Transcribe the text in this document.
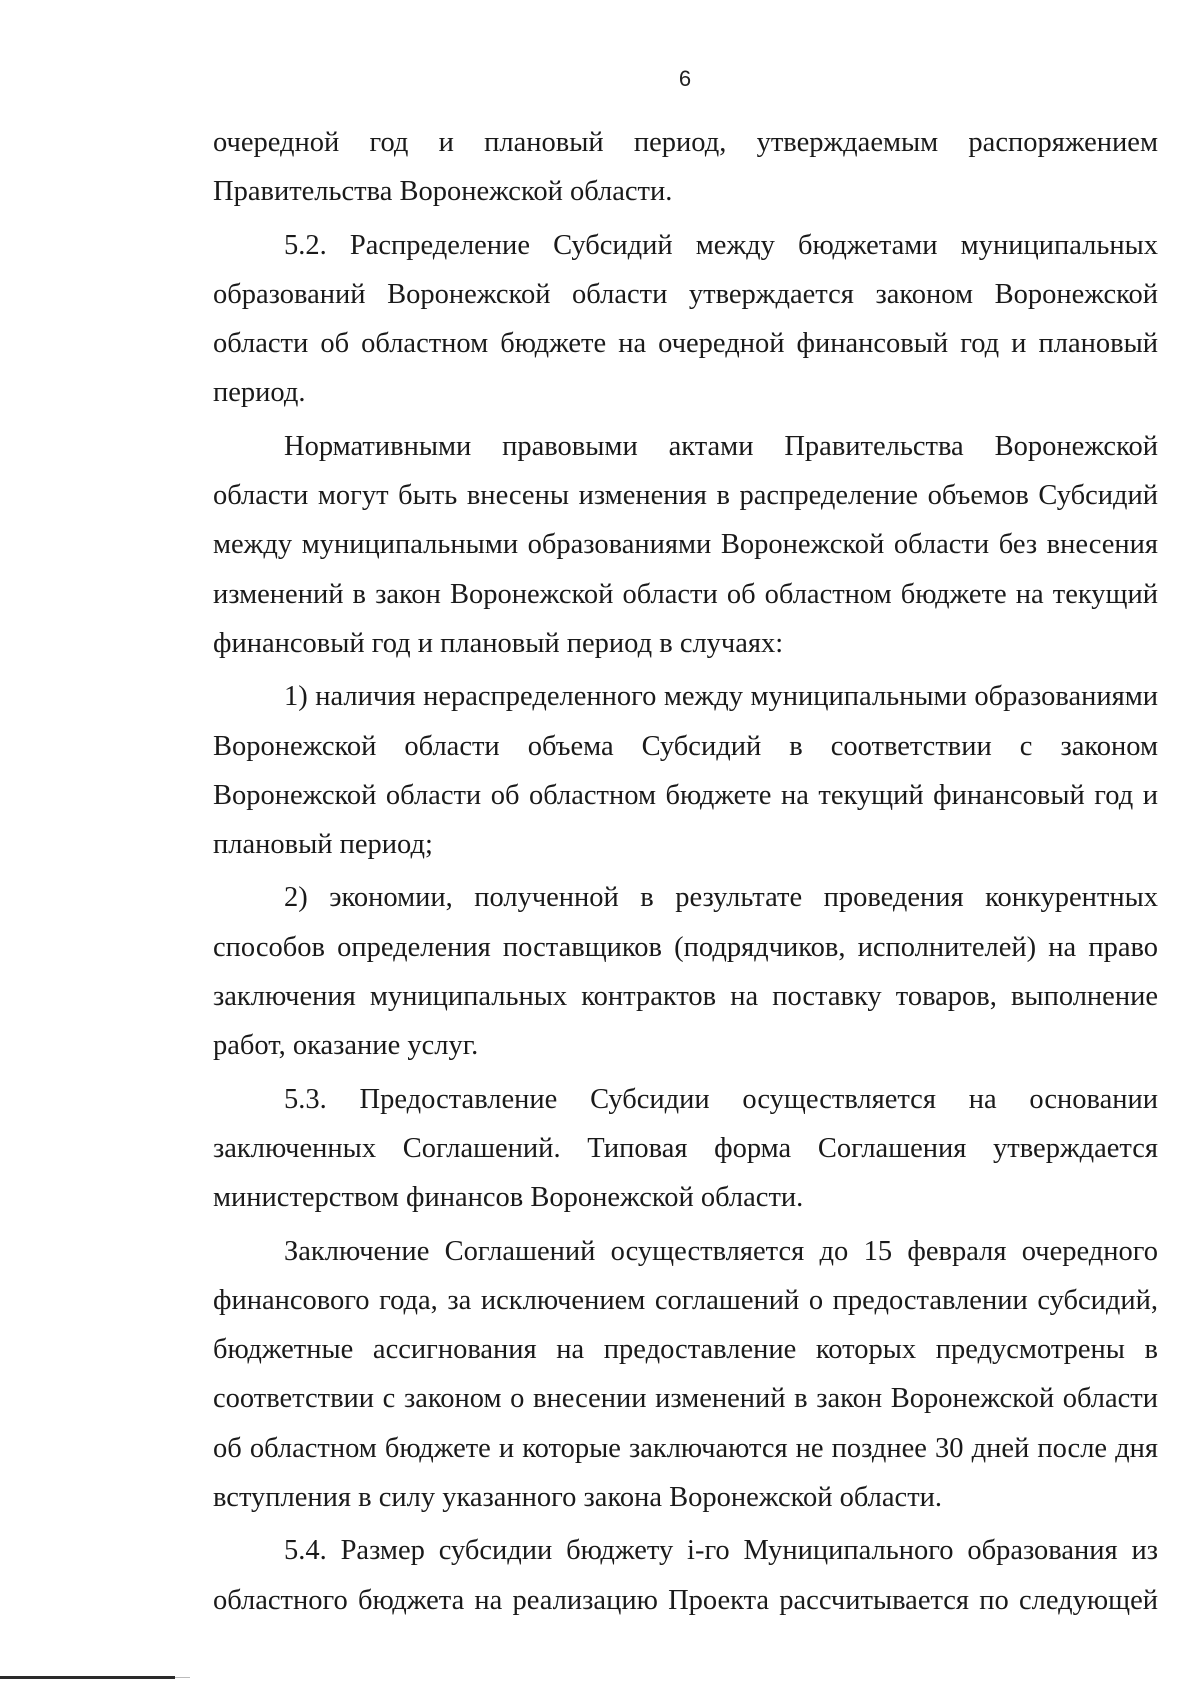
6

очередной год и плановый период, утверждаемым распоряжением Правительства Воронежской области.

5.2. Распределение Субсидий между бюджетами муниципальных образований Воронежской области утверждается законом Воронежской области об областном бюджете на очередной финансовый год и плановый период.

Нормативными правовыми актами Правительства Воронежской области могут быть внесены изменения в распределение объемов Субсидий между муниципальными образованиями Воронежской области без внесения изменений в закон Воронежской области об областном бюджете на текущий финансовый год и плановый период в случаях:

1) наличия нераспределенного между муниципальными образованиями Воронежской области объема Субсидий в соответствии с законом Воронежской области об областном бюджете на текущий финансовый год и плановый период;

2) экономии, полученной в результате проведения конкурентных способов определения поставщиков (подрядчиков, исполнителей) на право заключения муниципальных контрактов на поставку товаров, выполнение работ, оказание услуг.

5.3. Предоставление Субсидии осуществляется на основании заключенных Соглашений. Типовая форма Соглашения утверждается министерством финансов Воронежской области.

Заключение Соглашений осуществляется до 15 февраля очередного финансового года, за исключением соглашений о предоставлении субсидий, бюджетные ассигнования на предоставление которых предусмотрены в соответствии с законом о внесении изменений в закон Воронежской области об областном бюджете и которые заключаются не позднее 30 дней после дня вступления в силу указанного закона Воронежской области.

5.4. Размер субсидии бюджету i-го Муниципального образования из областного бюджета на реализацию Проекта рассчитывается по следующей
